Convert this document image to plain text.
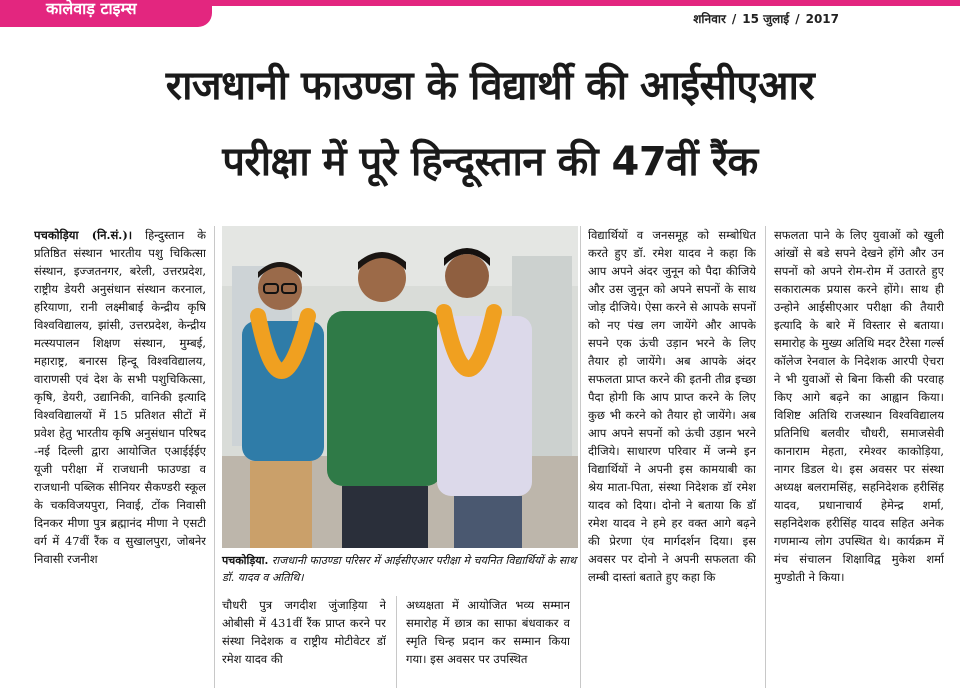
कालेवाड़ टाइम्स
शनिवार / 15 जुलाई / 2017
राजधानी फाउण्डा के विद्यार्थी की आईसीएआर
परीक्षा में पूरे हिन्दूस्तान की 47वीं रैंक

पचकोड़िया (नि.सं.)। हिन्दुस्तान के प्रतिष्ठित संस्थान भारतीय पशु चिकित्सा संस्थान, इज्जतनगर, बरेली, उत्तरप्रदेश, राष्ट्रीय डेयरी अनुसंधान संस्थान करनाल, हरियाणा, रानी लक्ष्मीबाई केन्द्रीय कृषि विश्वविद्यालय, झांसी, उत्तरप्रदेश, केन्द्रीय मत्स्यपालन शिक्षण संस्थान, मुम्बई, महाराष्ट्र, बनारस हिन्दू विश्वविद्यालय, वाराणसी एवं देश के सभी पशुचिकित्सा, कृषि, डेयरी, उद्यानिकी, वानिकी इत्यादि विश्वविद्यालयों में 15 प्रतिशत सीटों में प्रवेश हेतु भारतीय कृषि अनुसंधान परिषद -नई दिल्ली द्वारा आयोजित एआईईईए यूजी परीक्षा में राजधानी फाउण्डा व राजधानी पब्लिक सीनियर सैकण्डरी स्कूल के चकविजयपुरा, निवाई, टोंक निवासी दिनकर मीणा पुत्र ब्रह्मानंद मीणा ने एसटी वर्ग में 47वीं रैंक व सुखालपुरा, जोबनेर निवासी रजनीश	पचकोड़िया. राजधानी फाउण्डा परिसर में आईसीएआर परीक्षा मे चयनित विद्यार्थियों के साथ डॉ. यादव व अतिथि।
चौधरी पुत्र जगदीश जुंजाड़िया ने ओबीसी में 431वीं रैंक प्राप्त करने पर संस्था निदेशक व राष्ट्रीय मोटीवेटर डॉ रमेश यादव की
अध्यक्षता में आयोजित भव्य सम्मान समारोह में छात्र का साफा बंधवाकर व स्मृति चिन्ह प्रदान कर सम्मान किया गया। इस अवसर पर उपस्थित
विद्यार्थियों व जनसमूह को सम्बोधित करते हुए डॉ. रमेश यादव ने कहा कि आप अपने अंदर जुनून को पैदा कीजिये और उस जुनून को अपने सपनों के साथ जोड़ दीजिये। ऐसा करने से आपके सपनों को नए पंख लग जायेंगे और आपके सपने एक ऊंची उड़ान भरने के लिए तैयार हो जायेंगे। अब आपके अंदर सफलता प्राप्त करने की इतनी तीव्र इच्छा पैदा होगी कि आप प्राप्त करने के लिए कुछ भी करने को तैयार हो जायेंगे। अब आप अपने सपनों को ऊंची उड़ान भरने दीजिये। साधारण परिवार में जन्मे इन विद्यार्थियों ने अपनी इस कामयाबी का श्रेय माता-पिता, संस्था निदेशक डॉ रमेश यादव को दिया। दोनो ने बताया कि डॉ रमेश यादव ने हमे हर वक्त आगे बढ़ने की प्रेरणा एंव मार्गदर्शन दिया। इस अवसर पर दोनो ने अपनी सफलता की लम्बी दास्तां बताते हुए कहा कि
सफलता पाने के लिए युवाओं को खुली आंखों से बडे सपने देखने होंगे और उन सपनों को अपने रोम-रोम में उतारते हुए सकारात्मक प्रयास करने होंगे। साथ ही उन्होने आईसीएआर परीक्षा की तैयारी इत्यादि के बारे में विस्तार से बताया। समारोह के मुख्य अतिथि मदर टैरेसा गर्ल्स कॉलेज रेनवाल के निदेशक आरपी ऐचरा ने भी युवाओं से बिना किसी की परवाह किए आगे बढ़ने का आह्वान किया। विशिष्ट अतिथि राजस्थान विश्वविद्यालय प्रतिनिधि बलवीर चौधरी, समाजसेवी कानाराम मेहता, रमेश्वर काकोड़िया, नागर डिडल थे। इस अवसर पर संस्था अध्यक्ष बलरामसिंह, सहनिदेशक हरीसिंह यादव, प्रधानाचार्य हेमेन्द्र शर्मा, सहनिदेशक हरीसिंह यादव सहित अनेक गणमान्य लोग उपस्थित थे। कार्यक्रम में मंच संचालन शिक्षाविद्व मुकेश शर्मा मुण्डोती ने किया।
